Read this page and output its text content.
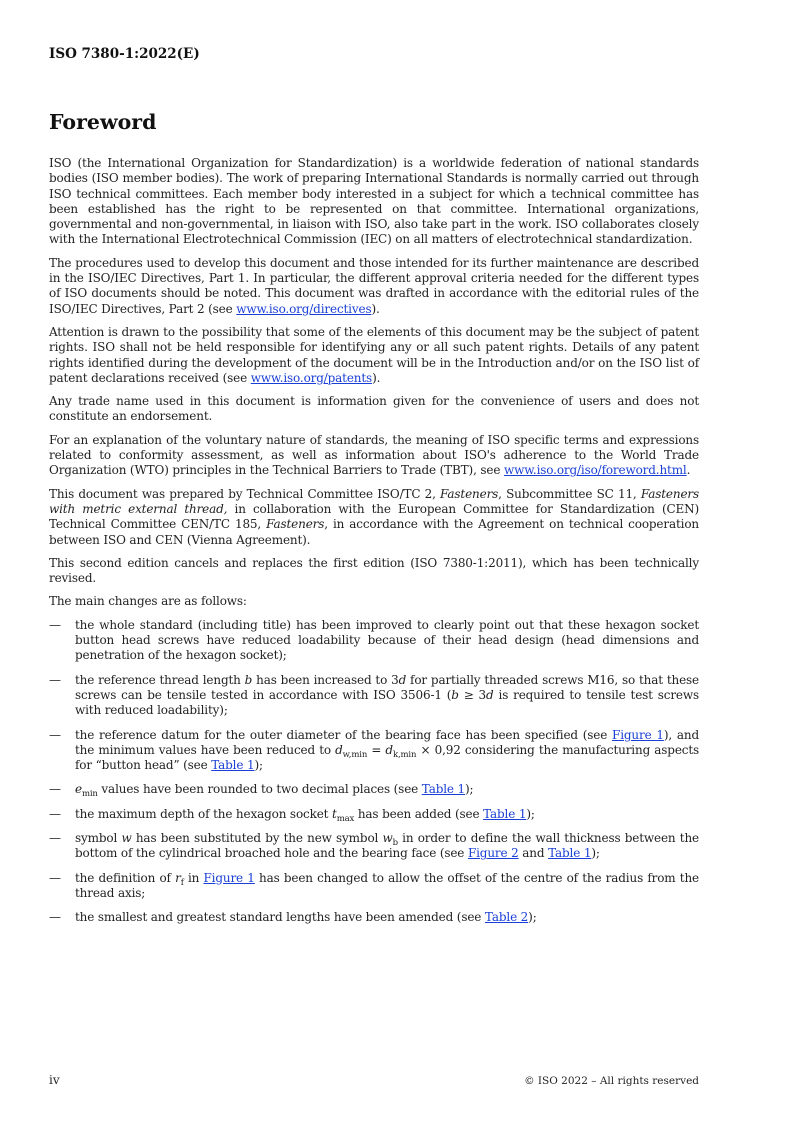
ISO 7380-1:2022(E)
Foreword

ISO (the International Organization for Standardization) is a worldwide federation of national standards bodies (ISO member bodies). The work of preparing International Standards is normally carried out through ISO technical committees. Each member body interested in a subject for which a technical committee has been established has the right to be represented on that committee. International organizations, governmental and non-governmental, in liaison with ISO, also take part in the work. ISO collaborates closely with the International Electrotechnical Commission (IEC) on all matters of electrotechnical standardization.

The procedures used to develop this document and those intended for its further maintenance are described in the ISO/IEC Directives, Part 1. In particular, the different approval criteria needed for the different types of ISO documents should be noted. This document was drafted in accordance with the editorial rules of the ISO/IEC Directives, Part 2 (see www.iso.org/directives).

Attention is drawn to the possibility that some of the elements of this document may be the subject of patent rights. ISO shall not be held responsible for identifying any or all such patent rights. Details of any patent rights identified during the development of the document will be in the Introduction and/or on the ISO list of patent declarations received (see www.iso.org/patents).

Any trade name used in this document is information given for the convenience of users and does not constitute an endorsement.

For an explanation of the voluntary nature of standards, the meaning of ISO specific terms and expressions related to conformity assessment, as well as information about ISO's adherence to the World Trade Organization (WTO) principles in the Technical Barriers to Trade (TBT), see www.iso.org/iso/foreword.html.

This document was prepared by Technical Committee ISO/TC 2, Fasteners, Subcommittee SC 11, Fasteners with metric external thread, in collaboration with the European Committee for Standardization (CEN) Technical Committee CEN/TC 185, Fasteners, in accordance with the Agreement on technical cooperation between ISO and CEN (Vienna Agreement).

This second edition cancels and replaces the first edition (ISO 7380-1:2011), which has been technically revised.

The main changes are as follows:

—	the whole standard (including title) has been improved to clearly point out that these hexagon socket button head screws have reduced loadability because of their head design (head dimensions and penetration of the hexagon socket);
—	the reference thread length b has been increased to 3d for partially threaded screws M16, so that these screws can be tensile tested in accordance with ISO 3506-1 (b ≥ 3d is required to tensile test screws with reduced loadability);
—	the reference datum for the outer diameter of the bearing face has been specified (see Figure 1), and the minimum values have been reduced to $d_{w,min} = d_{k,min} \times 0,92$ considering the manufacturing aspects for “button head” (see Table 1);
—	$e_{min}$ values have been rounded to two decimal places (see Table 1);
—	the maximum depth of the hexagon socket $t_{max}$ has been added (see Table 1);
—	symbol w has been substituted by the new symbol $w_b$ in order to define the wall thickness between the bottom of the cylindrical broached hole and the bearing face (see Figure 2 and Table 1);
—	the definition of $r_f$ in Figure 1 has been changed to allow the offset of the centre of the radius from the thread axis;
—	the smallest and greatest standard lengths have been amended (see Table 2);
iv	© ISO 2022 – All rights reserved
